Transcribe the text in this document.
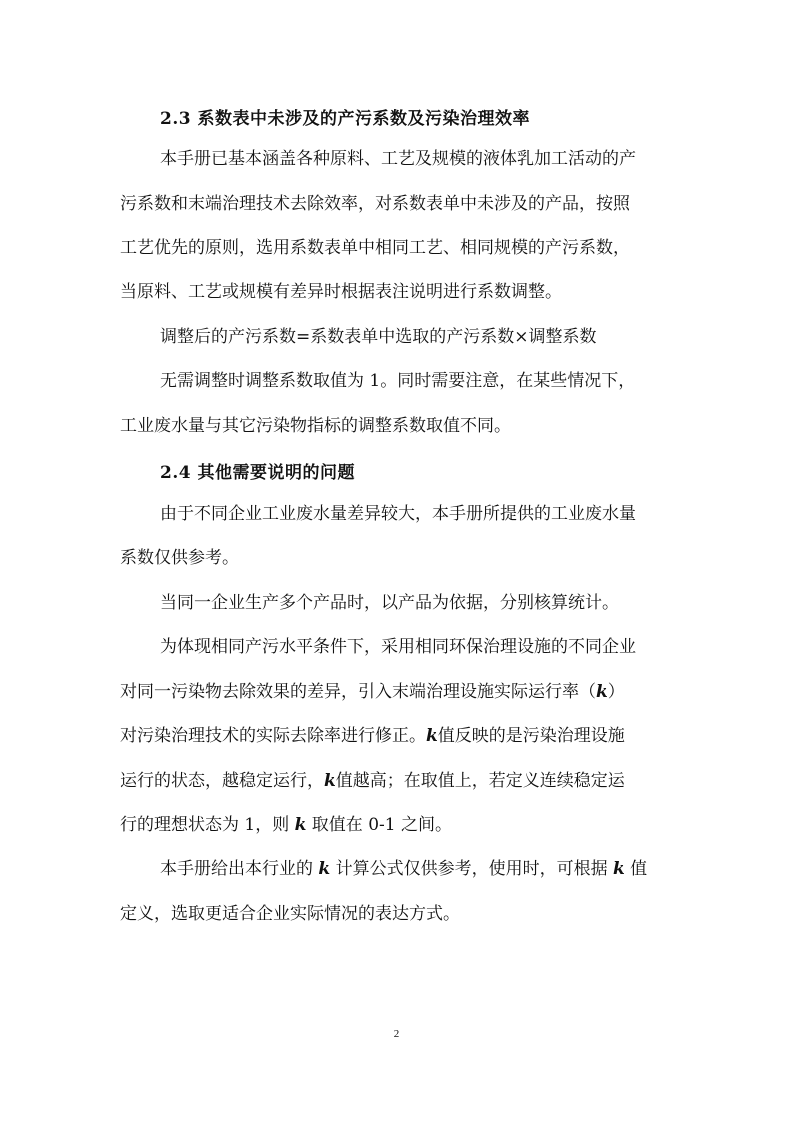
2.3 系数表中未涉及的产污系数及污染治理效率
本手册已基本涵盖各种原料、工艺及规模的液体乳加工活动的产
污系数和末端治理技术去除效率，对系数表单中未涉及的产品，按照
工艺优先的原则，选用系数表单中相同工艺、相同规模的产污系数，
当原料、工艺或规模有差异时根据表注说明进行系数调整。
调整后的产污系数=系数表单中选取的产污系数×调整系数
无需调整时调整系数取值为 1。同时需要注意，在某些情况下，
工业废水量与其它污染物指标的调整系数取值不同。
2.4 其他需要说明的问题
由于不同企业工业废水量差异较大，本手册所提供的工业废水量
系数仅供参考。
当同一企业生产多个产品时，以产品为依据，分别核算统计。
为体现相同产污水平条件下，采用相同环保治理设施的不同企业
对同一污染物去除效果的差异，引入末端治理设施实际运行率（k）
对污染治理技术的实际去除率进行修正。k值反映的是污染治理设施
运行的状态，越稳定运行，k值越高；在取值上，若定义连续稳定运
行的理想状态为 1，则 k 取值在 0-1 之间。
本手册给出本行业的 k 计算公式仅供参考，使用时，可根据 k 值
定义，选取更适合企业实际情况的表达方式。
2
